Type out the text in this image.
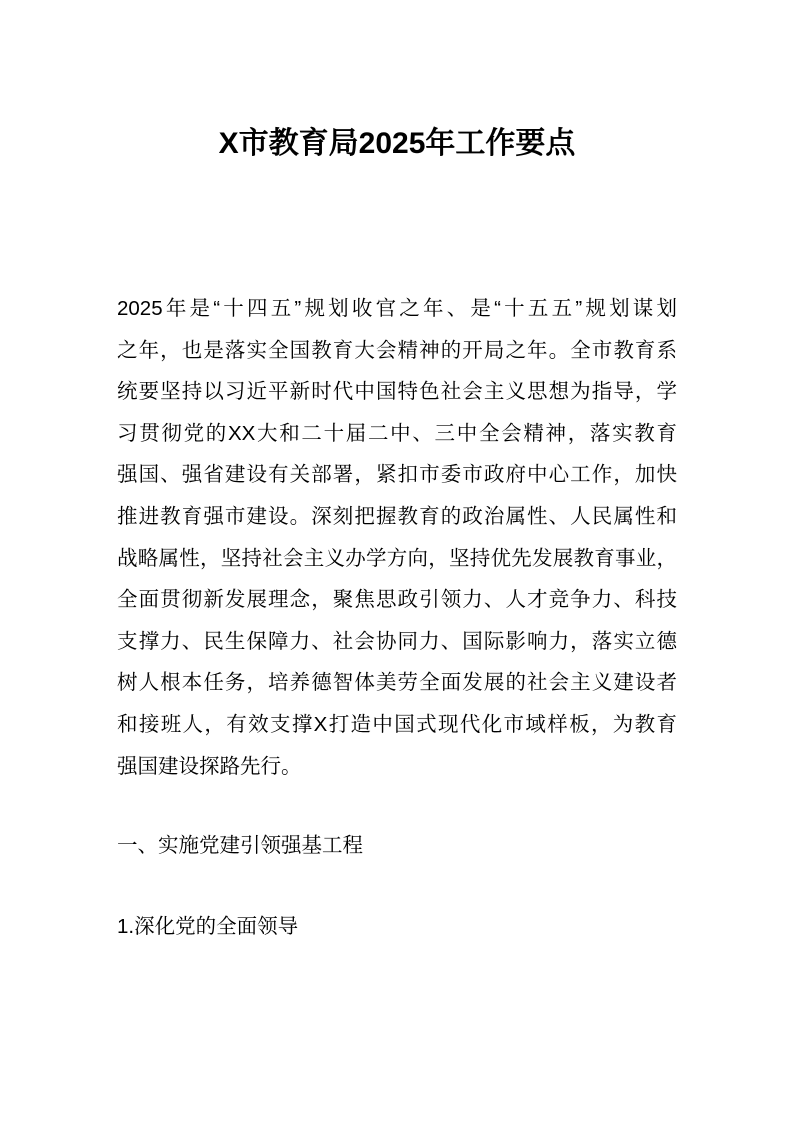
X市教育局2025年工作要点
2025年是“十四五”规划收官之年、是“十五五”规划谋划
之年，也是落实全国教育大会精神的开局之年。全市教育系
统要坚持以习近平新时代中国特色社会主义思想为指导，学
习贯彻党的XX大和二十届二中、三中全会精神，落实教育
强国、强省建设有关部署，紧扣市委市政府中心工作，加快
推进教育强市建设。深刻把握教育的政治属性、人民属性和
战略属性，坚持社会主义办学方向，坚持优先发展教育事业，
全面贯彻新发展理念，聚焦思政引领力、人才竞争力、科技
支撑力、民生保障力、社会协同力、国际影响力，落实立德
树人根本任务，培养德智体美劳全面发展的社会主义建设者
和接班人，有效支撑X打造中国式现代化市域样板，为教育
强国建设探路先行。

一、实施党建引领强基工程

1.深化党的全面领导
